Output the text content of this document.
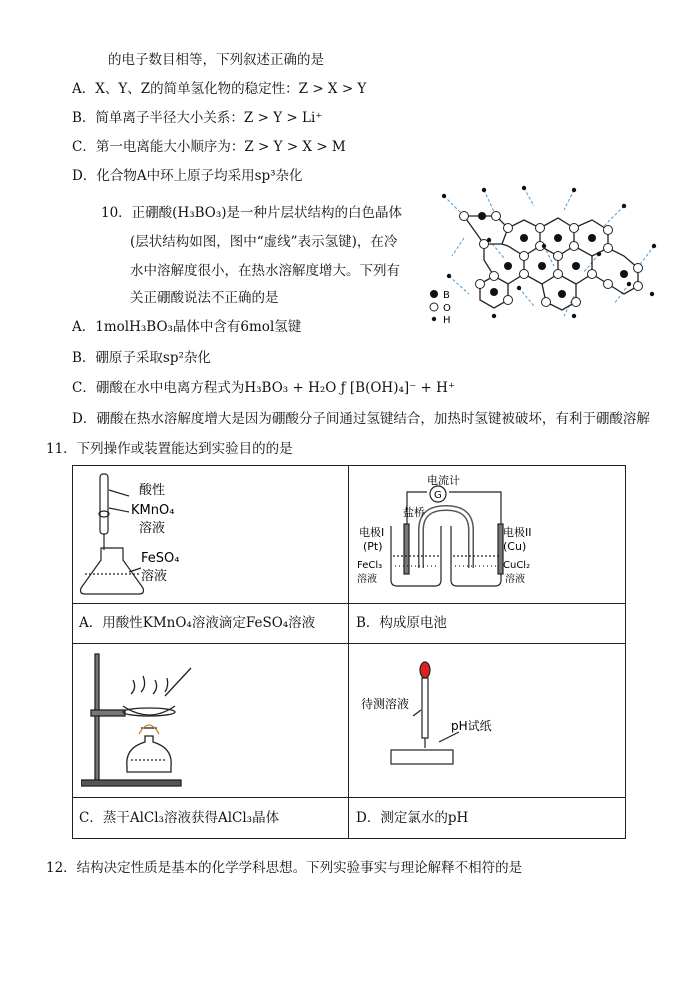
的电子数目相等，下列叙述正确的是
A．X、Y、Z的简单氢化物的稳定性：Z > X > Y
B．简单离子半径大小关系：Z > Y > Li⁺
C．第一电离能大小顺序为：Z > Y > X > M
D．化合物A中环上原子均采用sp³杂化
10．正硼酸(H₃BO₃)是一种片层状结构的白色晶体
(层状结构如图，图中“虚线”表示氢键)，在冷
水中溶解度很小，在热水溶解度增大。下列有
关正硼酸说法不正确的是
A．1molH₃BO₃晶体中含有6mol氢键
B．硼原子采取sp²杂化
C．硼酸在水中电离方程式为H₃BO₃ + H₂O ƒ [B(OH)₄]⁻ + H⁺
D．硼酸在热水溶解度增大是因为硼酸分子间通过氢键结合，加热时氢键被破坏，有利于硼酸溶解
B
O
H
11．下列操作或装置能达到实验目的的是
酸性
KMnO₄
溶液
FeSO₄
溶液
G
电流计
盐桥
电极I
(Pt)
电极II
(Cu)
FeCl₃
溶液
CuCl₂
溶液
A．用酸性KMnO₄溶液滴定FeSO₄溶液	B．构成原电池
待测溶液
pH试纸
C．蒸干AlCl₃溶液获得AlCl₃晶体	D．测定氯水的pH
12．结构决定性质是基本的化学学科思想。下列实验事实与理论解释不相符的是
